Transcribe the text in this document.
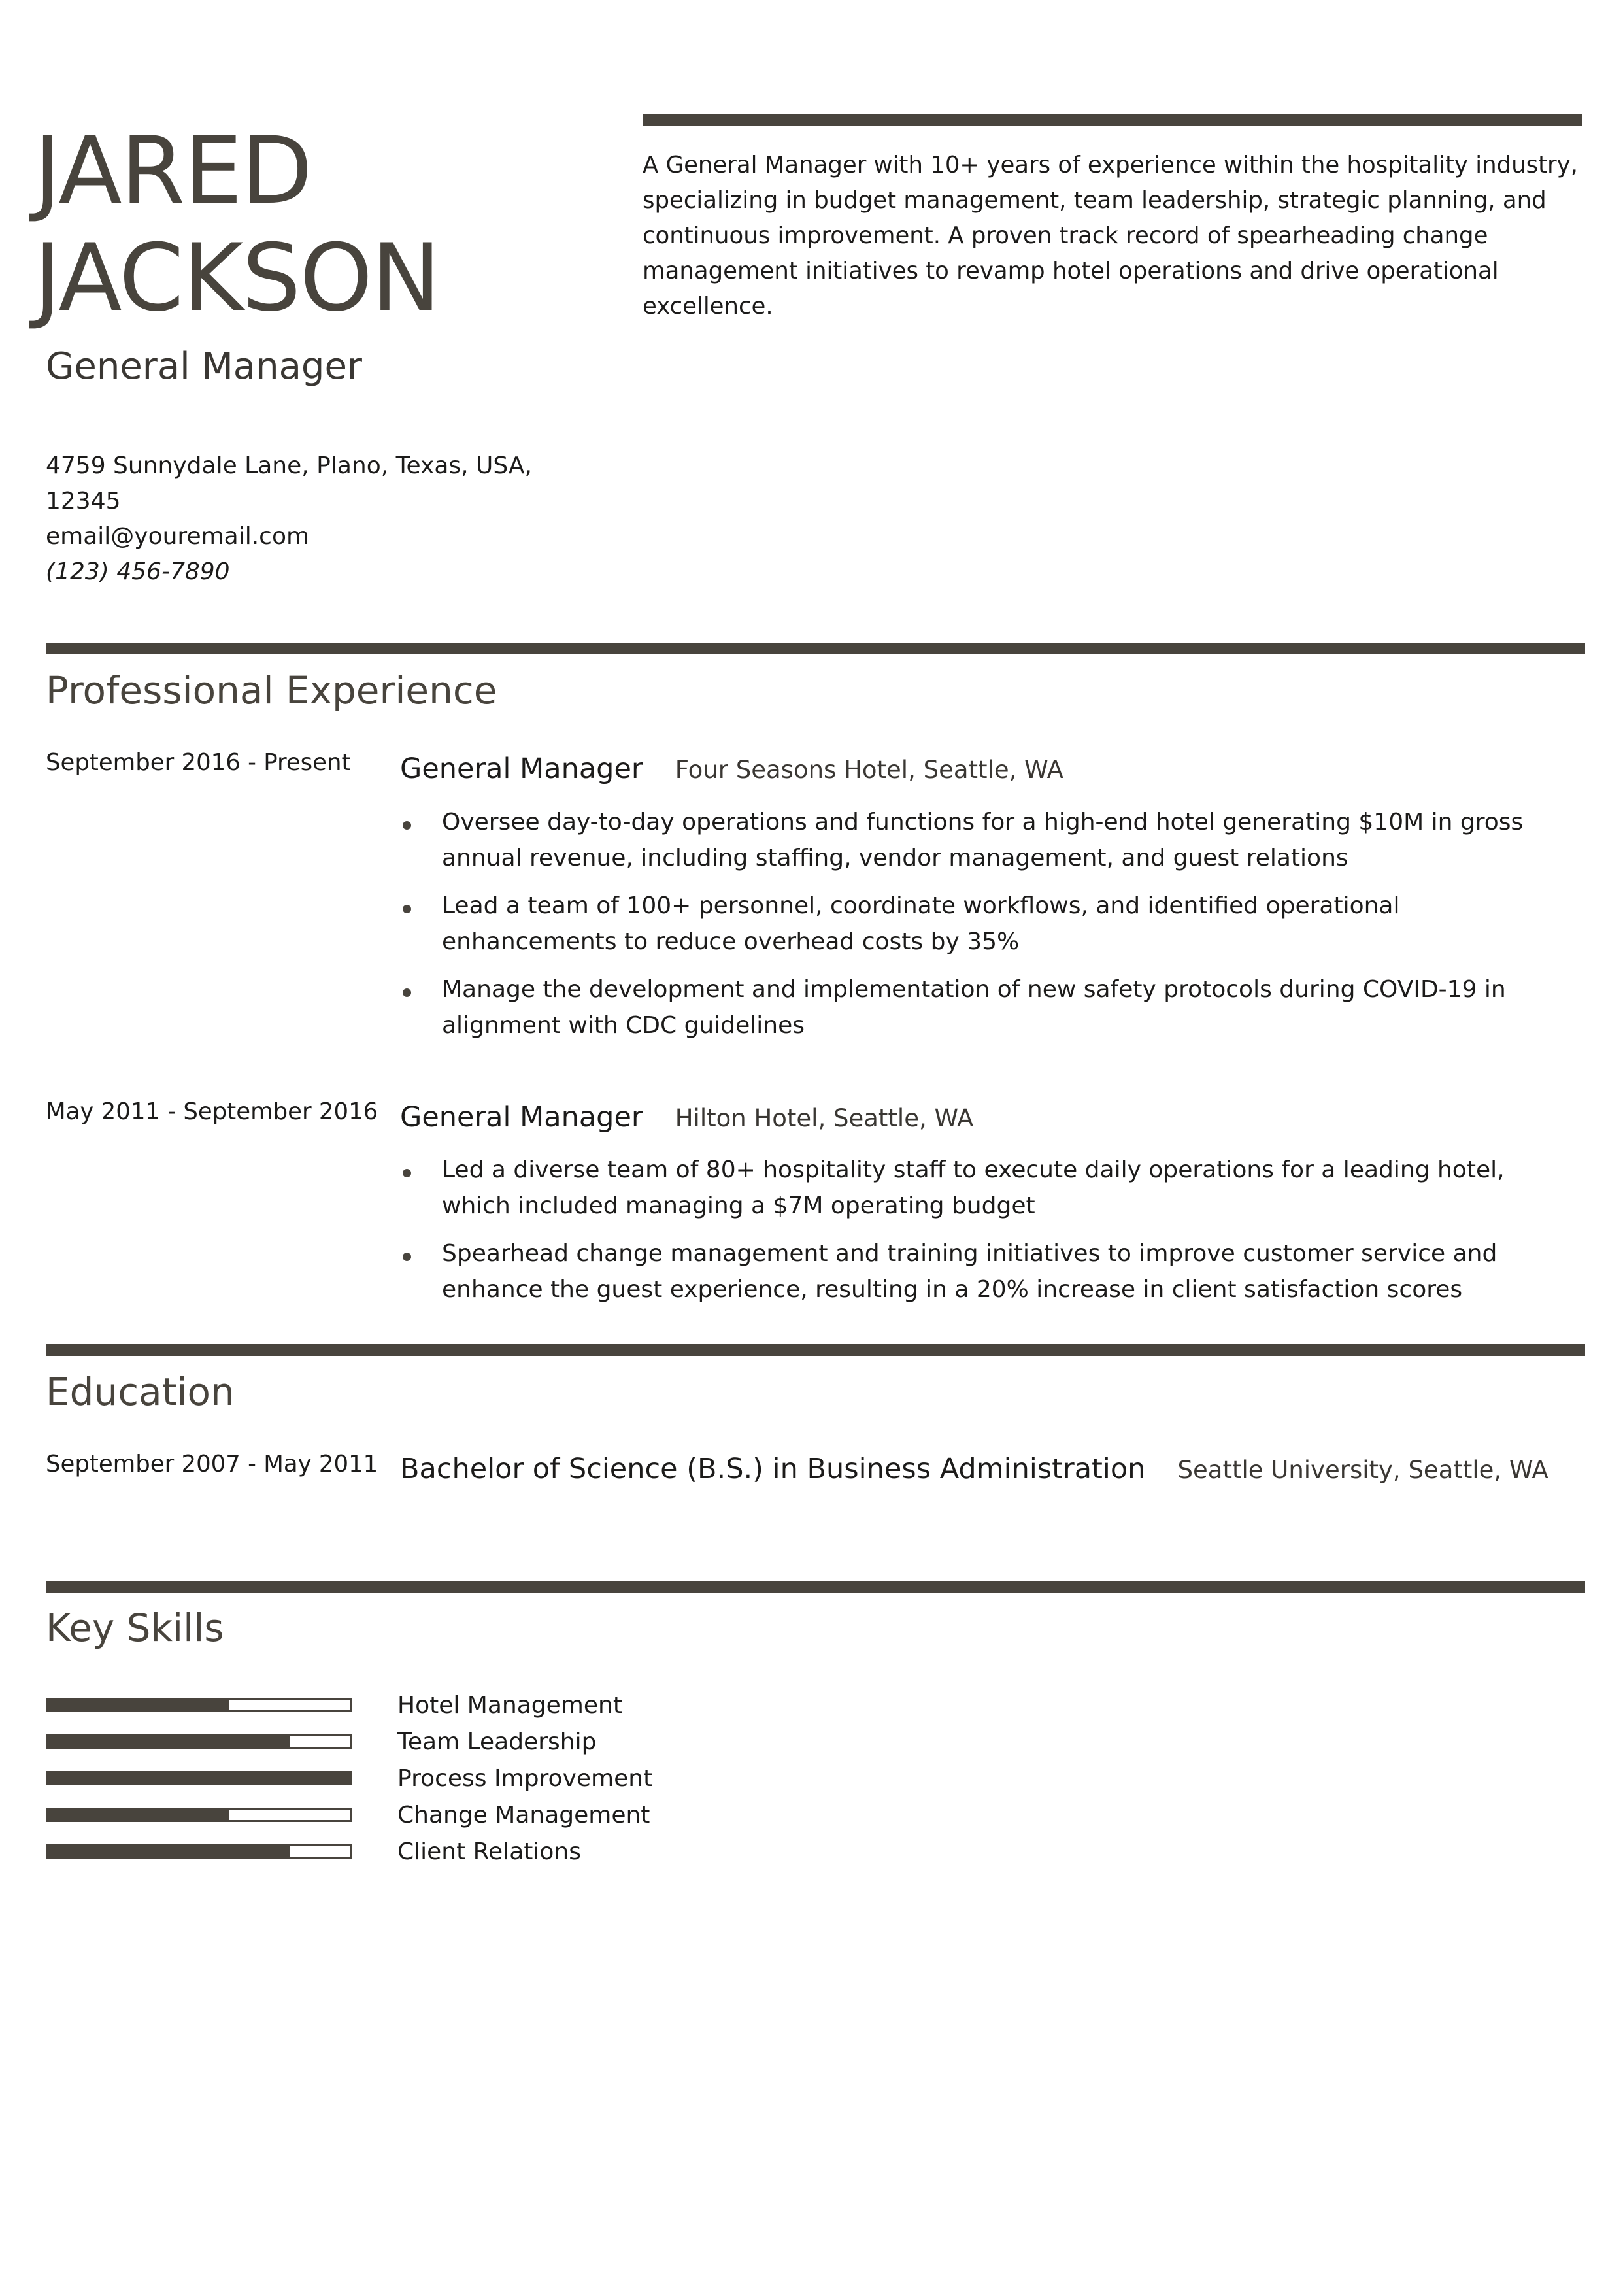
JARED
JACKSON
General Manager
4759 Sunnydale Lane, Plano, Texas, USA, 12345
email@youremail.com
(123) 456-7890
A General Manager with 10+ years of experience within the hospitality industry, specializing in budget management, team leadership, strategic planning, and continuous improvement. A proven track record of spearheading change management initiatives to revamp hotel operations and drive operational excellence.
Professional Experience
September 2016 - Present General Manager Four Seasons Hotel, Seattle, WA
Oversee day-to-day operations and functions for a high-end hotel generating $10M in gross annual revenue, including staffing, vendor management, and guest relations
Lead a team of 100+ personnel, coordinate workflows, and identified operational enhancements to reduce overhead costs by 35%
Manage the development and implementation of new safety protocols during COVID-19 in alignment with CDC guidelines
May 2011 - September 2016 General Manager Hilton Hotel, Seattle, WA
Led a diverse team of 80+ hospitality staff to execute daily operations for a leading hotel, which included managing a $7M operating budget
Spearhead change management and training initiatives to improve customer service and enhance the guest experience, resulting in a 20% increase in client satisfaction scores
Education
September 2007 - May 2011 Bachelor of Science (B.S.) in Business Administration Seattle University, Seattle, WA
Key Skills
Hotel Management
Team Leadership
Process Improvement
Change Management
Client Relations
